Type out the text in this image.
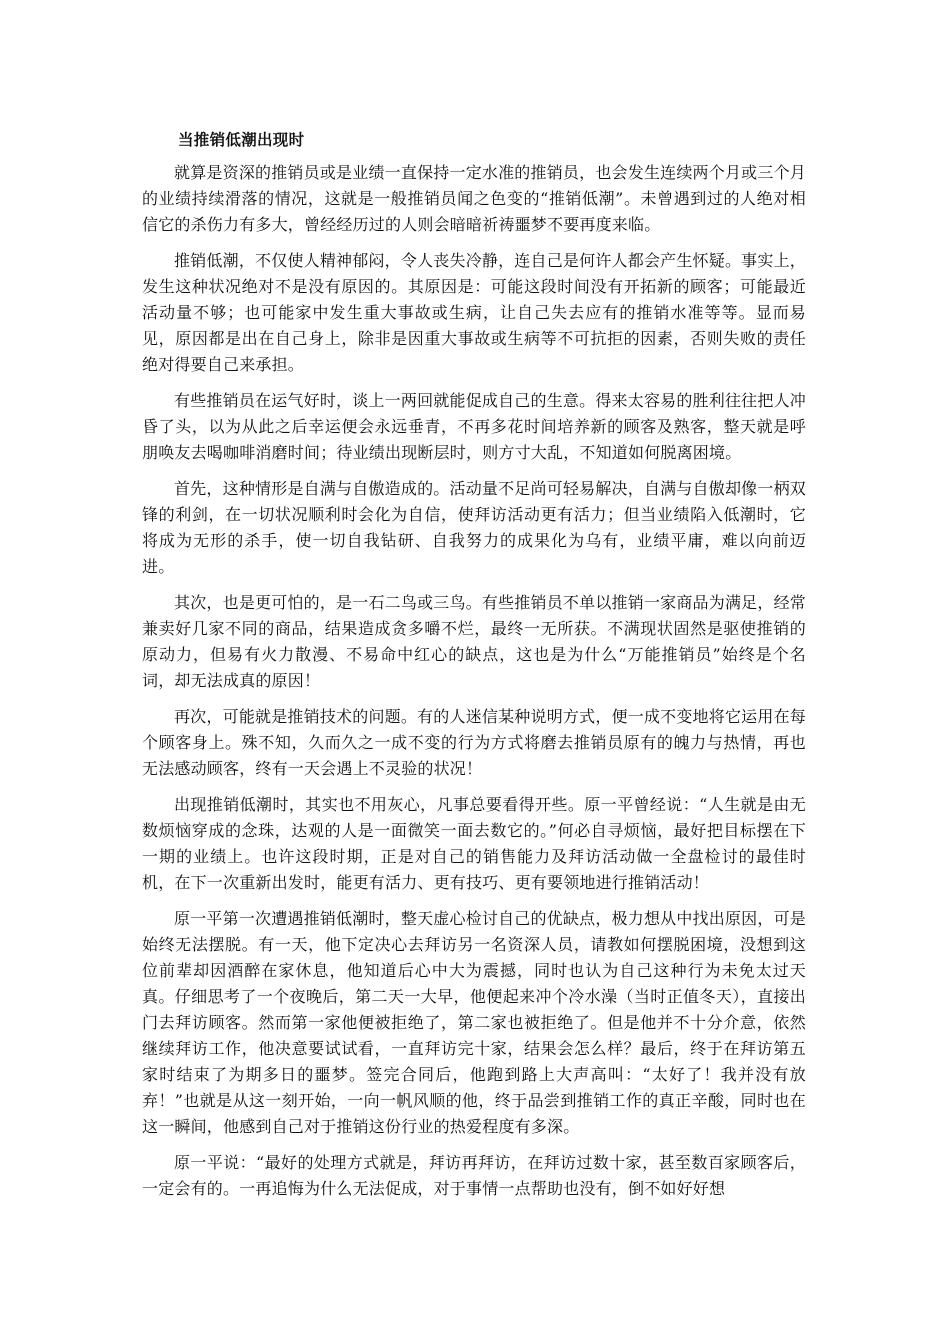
当推销低潮出现时

就算是资深的推销员或是业绩一直保持一定水准的推销员，也会发生连续两个月或三个月的业绩持续滑落的情况，这就是一般推销员闻之色变的“推销低潮”。未曾遇到过的人绝对相信它的杀伤力有多大，曾经经历过的人则会暗暗祈祷噩梦不要再度来临。

推销低潮，不仅使人精神郁闷，令人丧失冷静，连自己是何许人都会产生怀疑。事实上，发生这种状况绝对不是没有原因的。其原因是：可能这段时间没有开拓新的顾客；可能最近活动量不够；也可能家中发生重大事故或生病，让自己失去应有的推销水准等等。显而易见，原因都是出在自己身上，除非是因重大事故或生病等不可抗拒的因素，否则失败的责任绝对得要自己来承担。

有些推销员在运气好时，谈上一两回就能促成自己的生意。得来太容易的胜利往往把人冲昏了头，以为从此之后幸运便会永远垂青，不再多花时间培养新的顾客及熟客，整天就是呼朋唤友去喝咖啡消磨时间；待业绩出现断层时，则方寸大乱，不知道如何脱离困境。

首先，这种情形是自满与自傲造成的。活动量不足尚可轻易解决，自满与自傲却像一柄双锋的利剑，在一切状况顺利时会化为自信，使拜访活动更有活力；但当业绩陷入低潮时，它将成为无形的杀手，使一切自我钻研、自我努力的成果化为乌有，业绩平庸，难以向前迈进。

其次，也是更可怕的，是一石二鸟或三鸟。有些推销员不单以推销一家商品为满足，经常兼卖好几家不同的商品，结果造成贪多嚼不烂，最终一无所获。不满现状固然是驱使推销的原动力，但易有火力散漫、不易命中红心的缺点，这也是为什么“万能推销员”始终是个名词，却无法成真的原因！

再次，可能就是推销技术的问题。有的人迷信某种说明方式，便一成不变地将它运用在每个顾客身上。殊不知，久而久之一成不变的行为方式将磨去推销员原有的魄力与热情，再也无法感动顾客，终有一天会遇上不灵验的状况！

出现推销低潮时，其实也不用灰心，凡事总要看得开些。原一平曾经说：“人生就是由无数烦恼穿成的念珠，达观的人是一面微笑一面去数它的。”何必自寻烦恼，最好把目标摆在下一期的业绩上。也许这段时期，正是对自己的销售能力及拜访活动做一全盘检讨的最佳时机，在下一次重新出发时，能更有活力、更有技巧、更有要领地进行推销活动！

原一平第一次遭遇推销低潮时，整天虚心检讨自己的优缺点，极力想从中找出原因，可是始终无法摆脱。有一天，他下定决心去拜访另一名资深人员，请教如何摆脱困境，没想到这位前辈却因酒醉在家休息，他知道后心中大为震撼，同时也认为自己这种行为未免太过天真。仔细思考了一个夜晚后，第二天一大早，他便起来冲个冷水澡（当时正值冬天），直接出门去拜访顾客。然而第一家他便被拒绝了，第二家也被拒绝了。但是他并不十分介意，依然继续拜访工作，他决意要试试看，一直拜访完十家，结果会怎么样？最后，终于在拜访第五家时结束了为期多日的噩梦。签完合同后，他跑到路上大声高叫：“太好了！我并没有放弃！”也就是从这一刻开始，一向一帆风顺的他，终于品尝到推销工作的真正辛酸，同时也在这一瞬间，他感到自己对于推销这份行业的热爱程度有多深。

原一平说：“最好的处理方式就是，拜访再拜访，在拜访过数十家，甚至数百家顾客后，一定会有的。一再追悔为什么无法促成，对于事情一点帮助也没有，倒不如好好想
